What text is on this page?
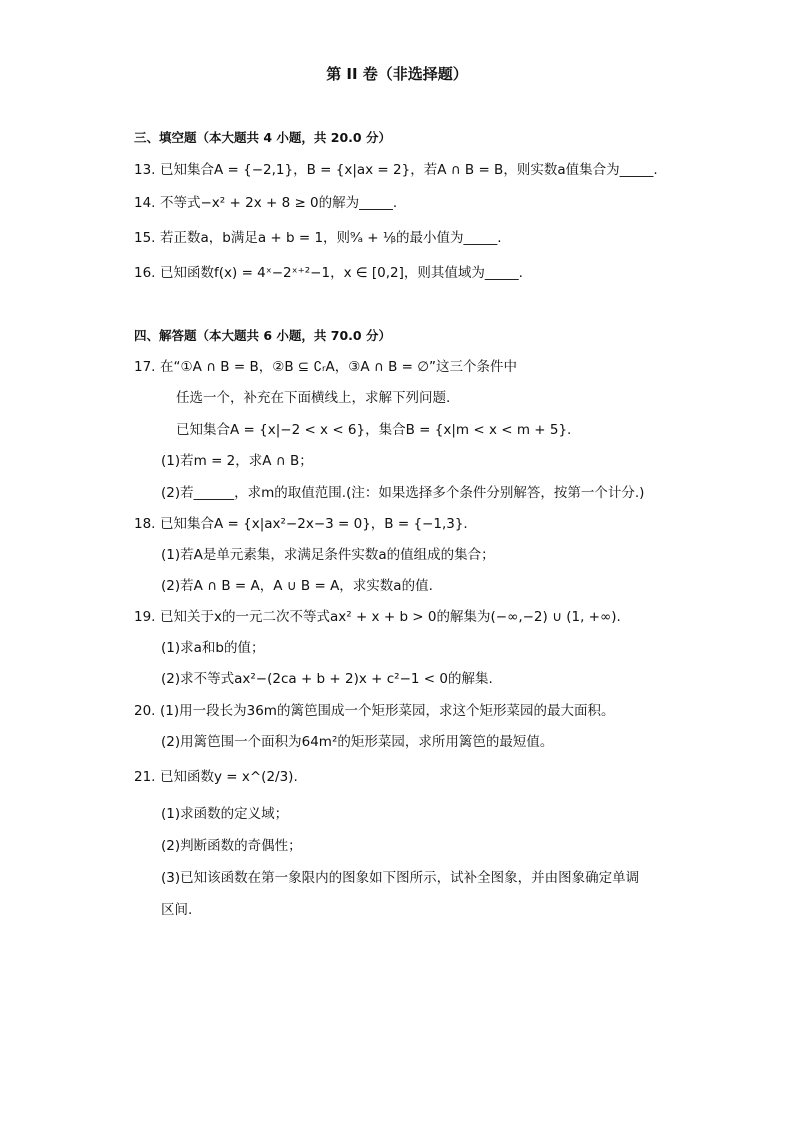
第 II 卷（非选择题）
三、填空题（本大题共 4 小题，共 20.0 分）
13. 已知集合A = {−2,1}，B = {x|ax = 2}，若A ∩ B = B，则实数a值集合为_____.
14. 不等式−x² + 2x + 8 ≥ 0的解为_____.
15. 若正数a，b满足a + b = 1，则⁹⁄ₐ + ¹⁄ᵦ的最小值为_____.
16. 已知函数f(x) = 4ˣ−2ˣ⁺²−1，x ∈ [0,2]，则其值域为_____.
四、解答题（本大题共 6 小题，共 70.0 分）
17. 在“①A ∩ B = B，②B ⊆ ∁ᵣA，③A ∩ B = ∅”这三个条件中
任选一个，补充在下面横线上，求解下列问题.
已知集合A = {x|−2 < x < 6}，集合B = {x|m < x < m + 5}.
(1)若m = 2，求A ∩ B；
(2)若______，求m的取值范围.(注：如果选择多个条件分别解答，按第一个计分.)
18. 已知集合A = {x|ax²−2x−3 = 0}，B = {−1,3}.
(1)若A是单元素集，求满足条件实数a的值组成的集合；
(2)若A ∩ B = A，A ∪ B = A，求实数a的值.
19. 已知关于x的一元二次不等式ax² + x + b > 0的解集为(−∞,−2) ∪ (1, +∞).
(1)求a和b的值；
(2)求不等式ax²−(2ca + b + 2)x + c²−1 < 0的解集.
20. (1)用一段长为36m的篱笆围成一个矩形菜园，求这个矩形菜园的最大面积。
(2)用篱笆围一个面积为64m²的矩形菜园，求所用篱笆的最短值。
21. 已知函数y = x^(2/3).
(1)求函数的定义域；
(2)判断函数的奇偶性；
(3)已知该函数在第一象限内的图象如下图所示，试补全图象，并由图象确定单调
区间.
